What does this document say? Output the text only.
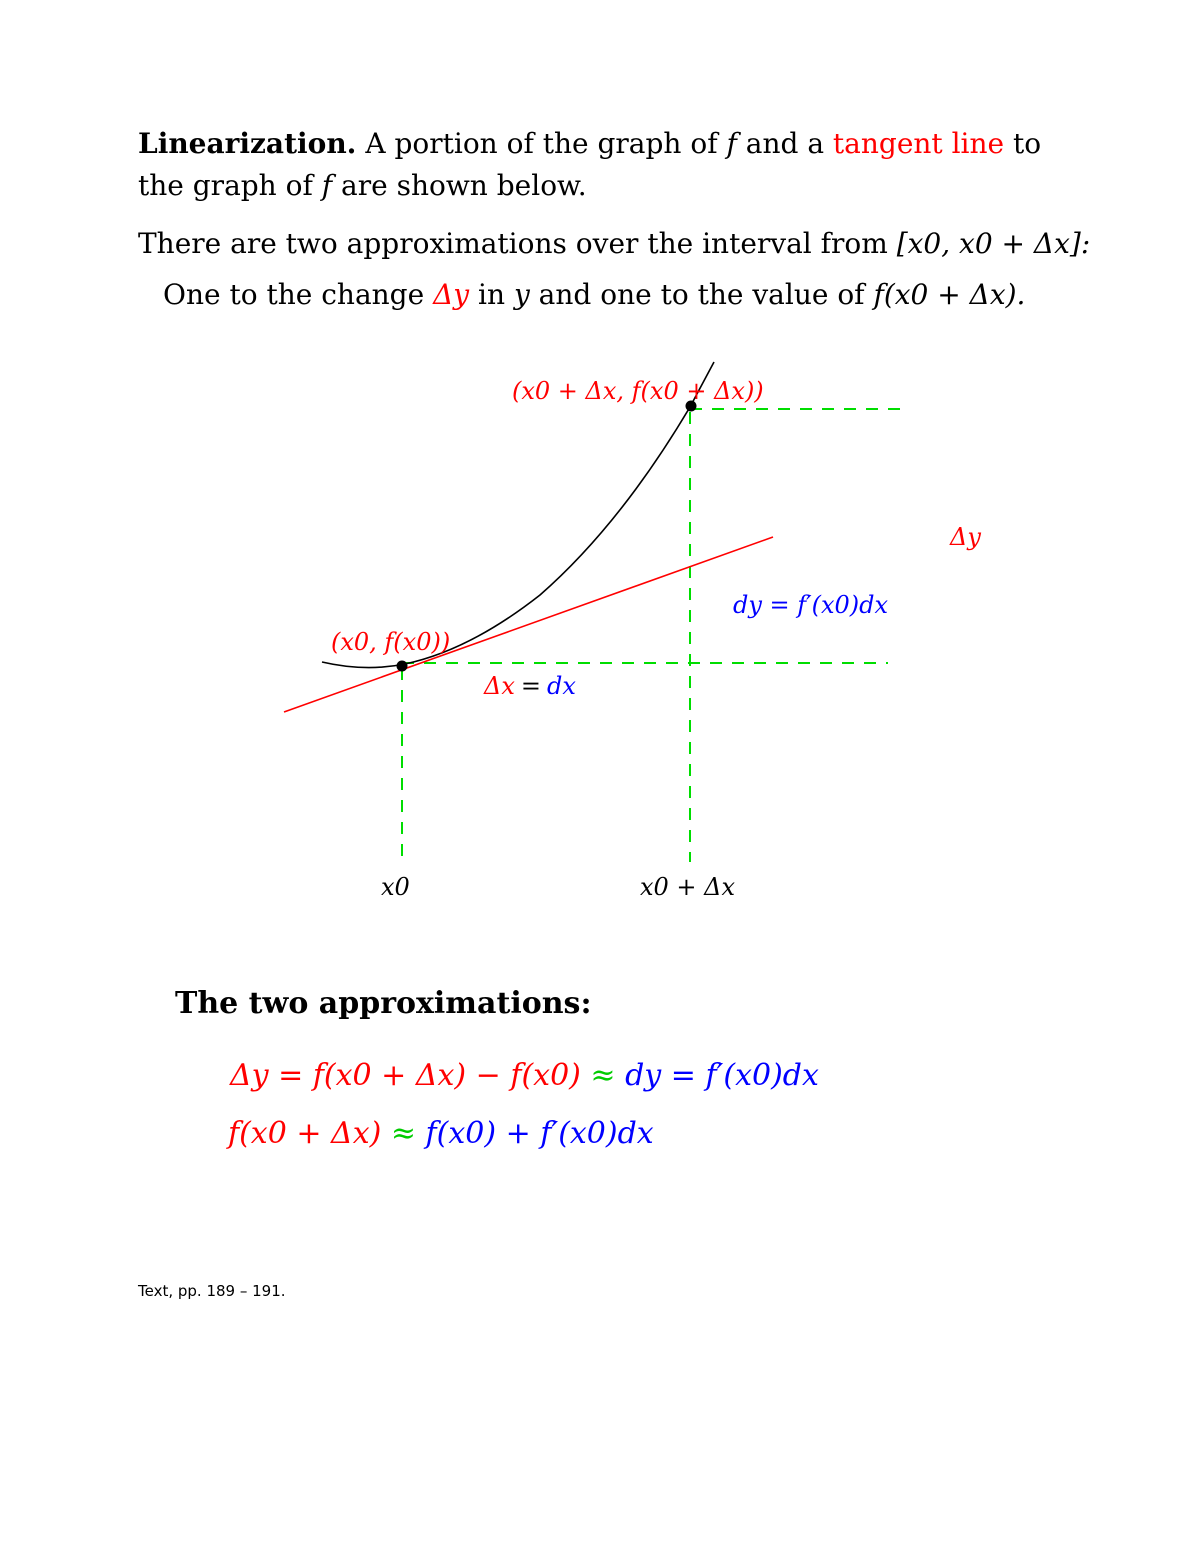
Linearization. A portion of the graph of f and a tangent line to
the graph of f are shown below.
There are two approximations over the interval from [x0, x0 + Δx]:
One to the change Δy in y and one to the value of f(x0 + Δx).
(x0 + Δx, f(x0 + Δx))
(x0, f(x0))
Δy
dy = f′(x0)dx
Δx = dx
x0	x0 + Δx
The two approximations:
Δy = f(x0 + Δx) − f(x0) ≈ dy = f′(x0)dx
f(x0 + Δx) ≈ f(x0) + f′(x0)dx
Text, pp. 189 – 191.
